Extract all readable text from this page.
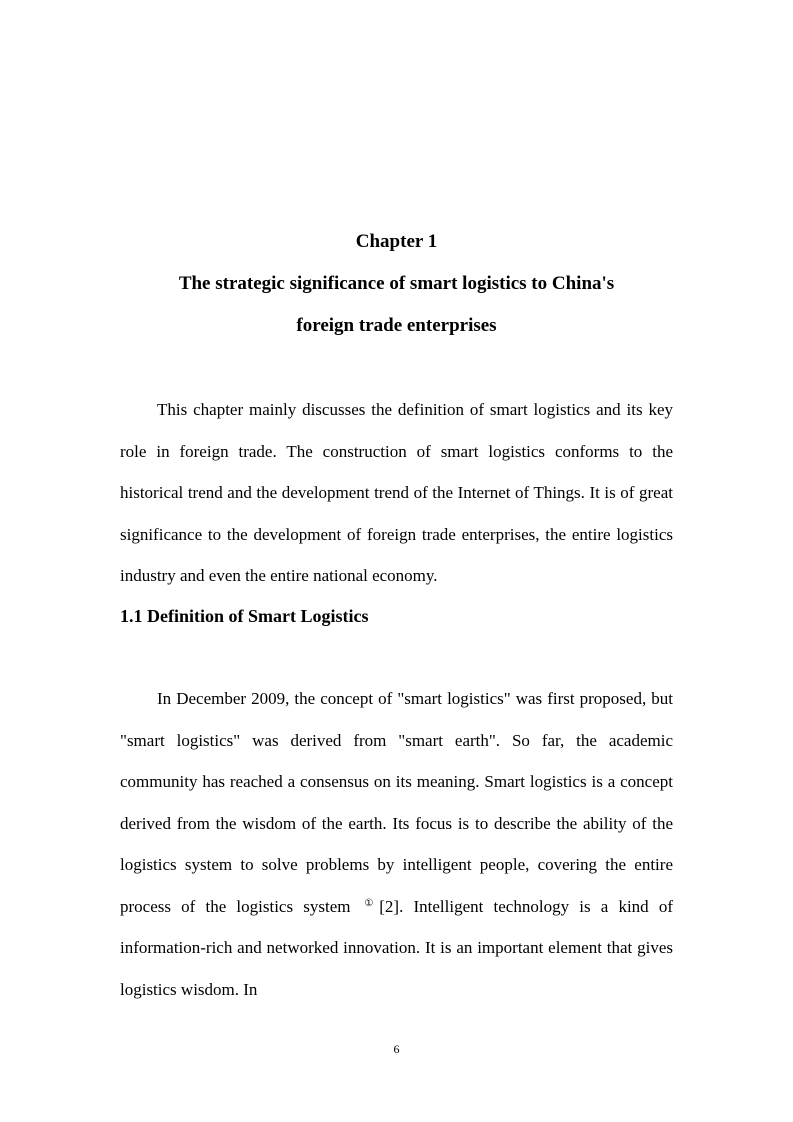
Chapter 1
The strategic significance of smart logistics to China's
foreign trade enterprises

This chapter mainly discusses the definition of smart logistics and its key role in foreign trade. The construction of smart logistics conforms to the historical trend and the development trend of the Internet of Things. It is of great significance to the development of foreign trade enterprises, the entire logistics industry and even the entire national economy.

1.1 Definition of Smart Logistics

In December 2009, the concept of "smart logistics" was first proposed, but "smart logistics" was derived from "smart earth". So far, the academic community has reached a consensus on its meaning. Smart logistics is a concept derived from the wisdom of the earth. Its focus is to describe the ability of the logistics system to solve problems by intelligent people, covering the entire process of the logistics system ①[2]. Intelligent technology is a kind of information-rich and networked innovation. It is an important element that gives logistics wisdom. In

6
